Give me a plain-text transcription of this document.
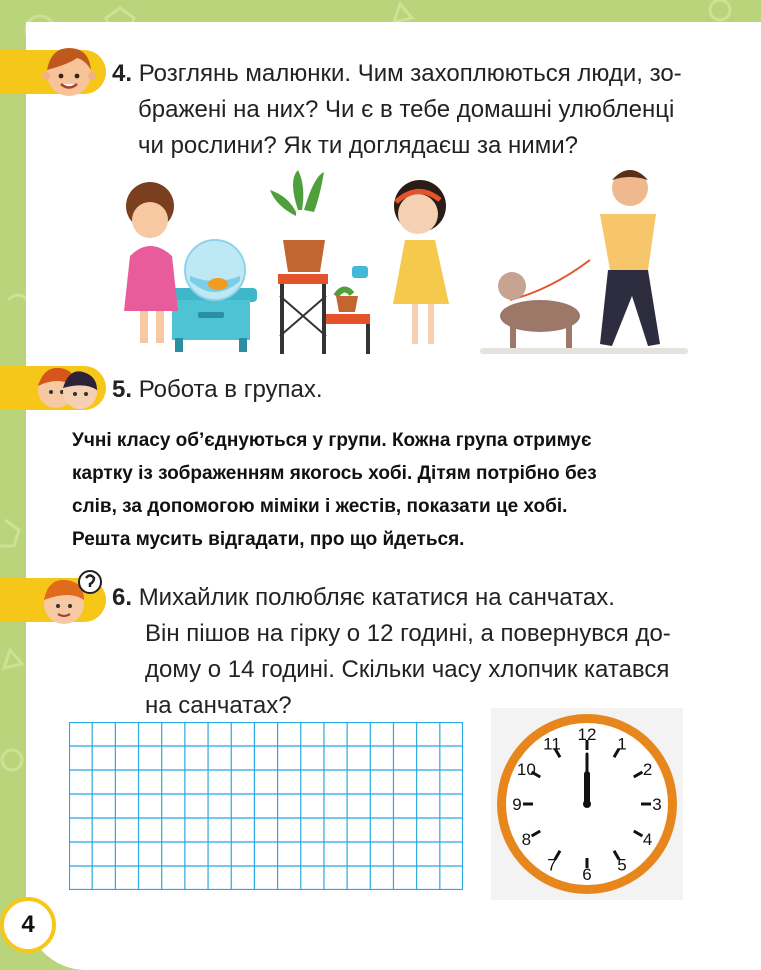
4. Розглянь малюнки. Чим захоплюються люди, зо-
бражені на них? Чи є в тебе домашні улюбленці
чи рослини? Як ти доглядаєш за ними?
5. Робота в групах.
Учні класу об’єднуються у групи. Кожна група отримує
картку із зображенням якогось хобі. Дітям потрібно без
слів, за допомогою міміки і жестів, показати це хобі.
Решта мусить відгадати, про що йдеться.
6. Михайлик полюбляє кататися на санчатах.
Він пішов на гірку о 12 годині, а повернувся до-
дому о 14 годині. Скільки часу хлопчик катався
на санчатах?
12 1
2
3
4
5
6
7
8
9
10
11
4
